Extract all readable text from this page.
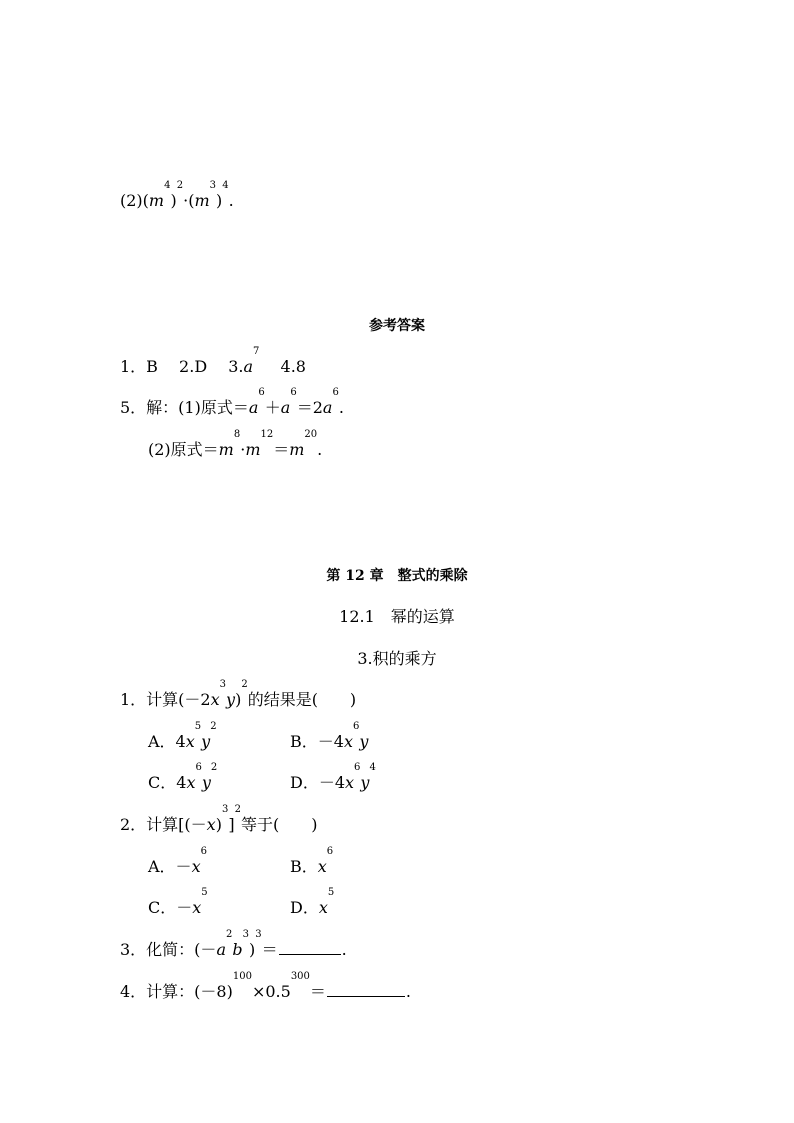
$(2)(m^4)^2\cdot(m^3)^4$.
参考答案
1．B　 2.D　 $3.a^7$　 4.8
5．解：(1)原式$=a^6+a^6=2a^6$.
(2)原式$=m^8\cdot m^{12}=m^{20}$.
第 12 章　整式的乘除
12.1　幂的运算
3.积的乘方
1．计算$(-2x^3y)^2$的结果是(　　)
A．$4x^5y^2$
B．$-4x^6y$
C．$4x^6y^2$
D．$-4x^6y^4$
2．计算$[(-x)^3]^2$等于(　　)
A．$-x^6$
B．$x^6$
C．$-x^5$
D．$x^5$
3．化简：$(-a^2b^3)^3=$	.
4．计算：$(-8)^{100}\times 0.5^{300}=$	.
